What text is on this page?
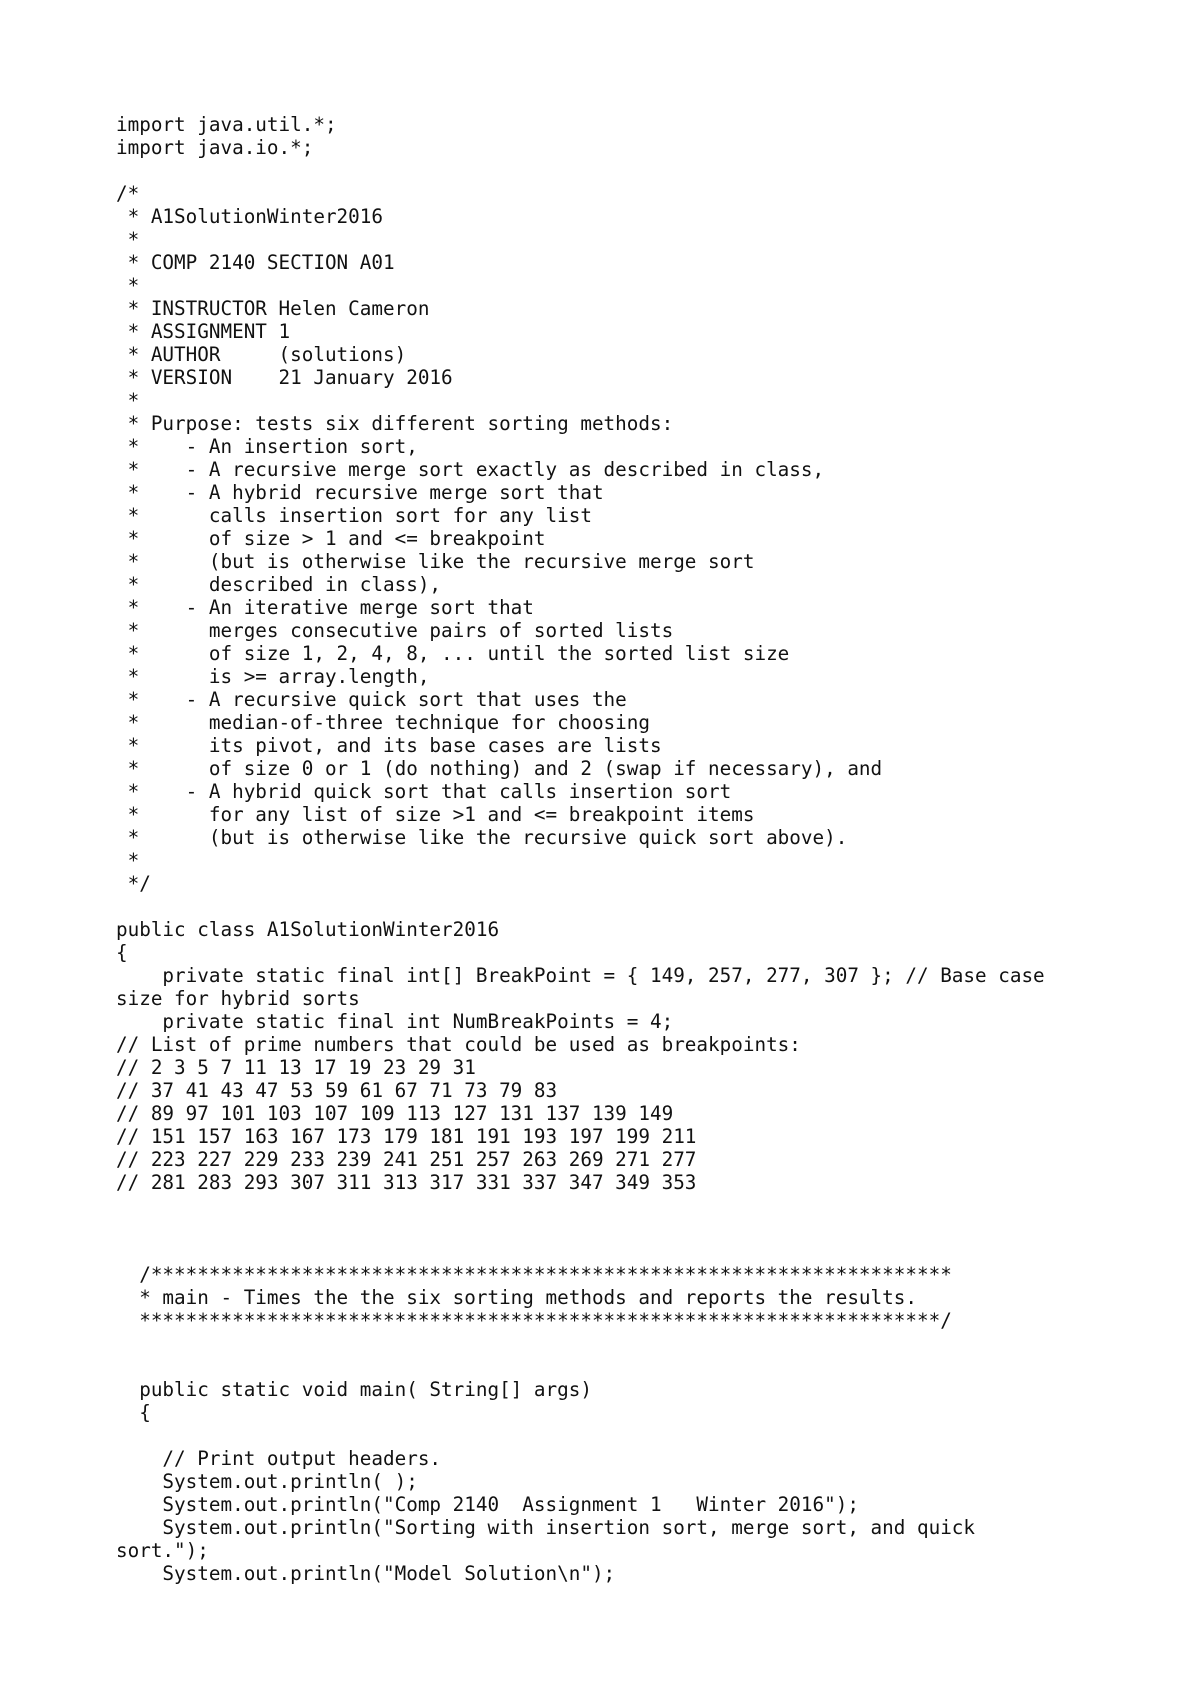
import java.util.*;
import java.io.*;
/*
* A1SolutionWinter2016
*
* COMP 2140 SECTION A01
*
* INSTRUCTOR Helen Cameron
* ASSIGNMENT 1
* AUTHOR     (solutions)
* VERSION    21 January 2016
*
* Purpose: tests six different sorting methods:
*    - An insertion sort,
*    - A recursive merge sort exactly as described in class,
*    - A hybrid recursive merge sort that
*      calls insertion sort for any list
*      of size > 1 and <= breakpoint
*      (but is otherwise like the recursive merge sort
*      described in class),
*    - An iterative merge sort that
*      merges consecutive pairs of sorted lists
*      of size 1, 2, 4, 8, ... until the sorted list size
*      is >= array.length,
*    - A recursive quick sort that uses the
*      median-of-three technique for choosing
*      its pivot, and its base cases are lists
*      of size 0 or 1 (do nothing) and 2 (swap if necessary), and
*    - A hybrid quick sort that calls insertion sort
*      for any list of size >1 and <= breakpoint items
*      (but is otherwise like the recursive quick sort above).
*
*/
public class A1SolutionWinter2016
{
private static final int[] BreakPoint = { 149, 257, 277, 307 }; // Base case
size for hybrid sorts
private static final int NumBreakPoints = 4;
// List of prime numbers that could be used as breakpoints:
// 2 3 5 7 11 13 17 19 23 29 31
// 37 41 43 47 53 59 61 67 71 73 79 83
// 89 97 101 103 107 109 113 127 131 137 139 149
// 151 157 163 167 173 179 181 191 193 197 199 211
// 223 227 229 233 239 241 251 257 263 269 271 277
// 281 283 293 307 311 313 317 331 337 347 349 353
/*********************************************************************
* main - Times the the six sorting methods and reports the results.
*********************************************************************/
public static void main( String[] args)
{
// Print output headers.
System.out.println( );
System.out.println("Comp 2140  Assignment 1   Winter 2016");
System.out.println("Sorting with insertion sort, merge sort, and quick
sort.");
System.out.println("Model Solution\n");
